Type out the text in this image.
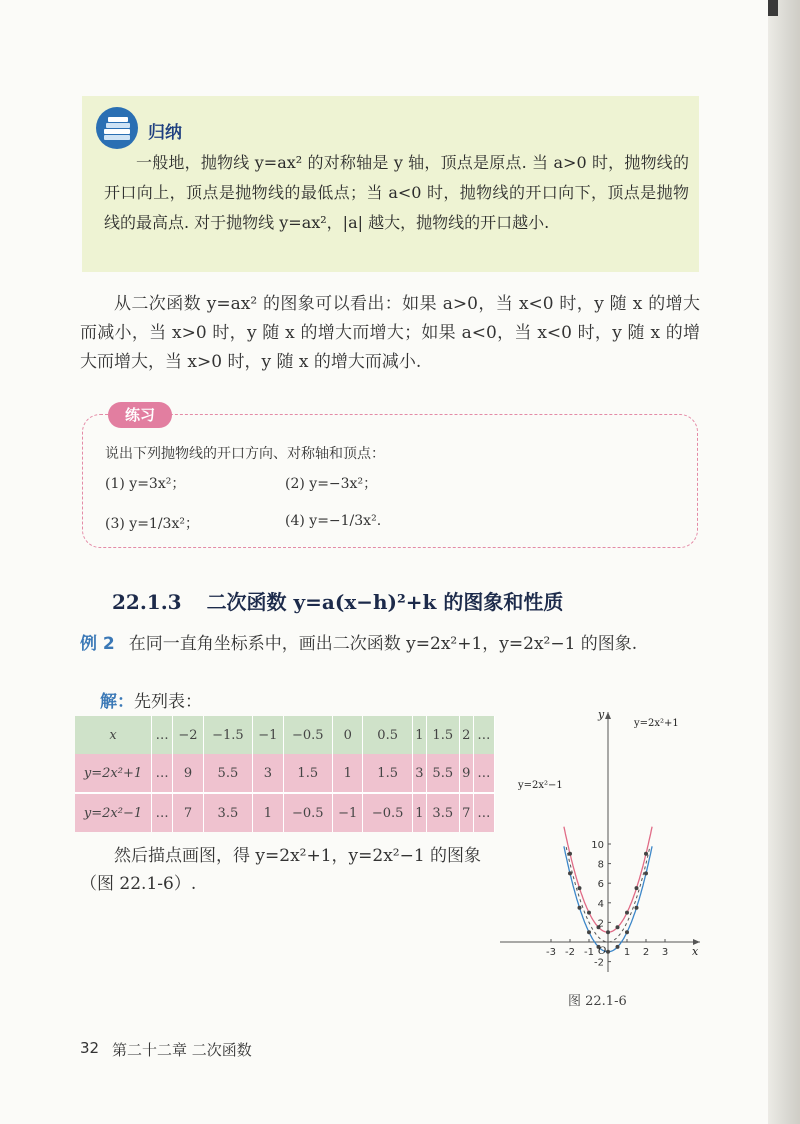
归纳

一般地，抛物线 y=ax² 的对称轴是 y 轴，顶点是原点. 当 a>0 时，抛物线的开口向上，顶点是抛物线的最低点；当 a<0 时，抛物线的开口向下，顶点是抛物线的最高点. 对于抛物线 y=ax²，|a| 越大，抛物线的开口越小.

从二次函数 y=ax² 的图象可以看出：如果 a>0，当 x<0 时，y 随 x 的增大而减小，当 x>0 时，y 随 x 的增大而增大；如果 a<0，当 x<0 时，y 随 x 的增大而增大，当 x>0 时，y 随 x 的增大而减小.

练习
说出下列抛物线的开口方向、对称轴和顶点：
(1) y=3x²；	(2) y=−3x²；
(3) y=1/3x²；	(4) y=−1/3x².
22.1.3 二次函数 y=a(x−h)²+k 的图象和性质
例 2 在同一直角坐标系中，画出二次函数 y=2x²+1，y=2x²−1 的图象.
解：先列表：
x	…	−2	−1.5	−1	−0.5	0	0.5	1	1.5	2	…
y=2x²+1	…	9	5.5	3	1.5	1	1.5	3	5.5	9	…
y=2x²−1	…	7	3.5	1	−0.5	−1	−0.5	1	3.5	7	…

然后描点画图，得 y=2x²+1，y=2x²−1 的图象（图 22.1-6）.

-3 -2 -1	1 2 3
10
8
6
4
2
-2
y=2x²+1
y=2x²−1
x
y
O
图 22.1-6
32 第二十二章 二次函数
